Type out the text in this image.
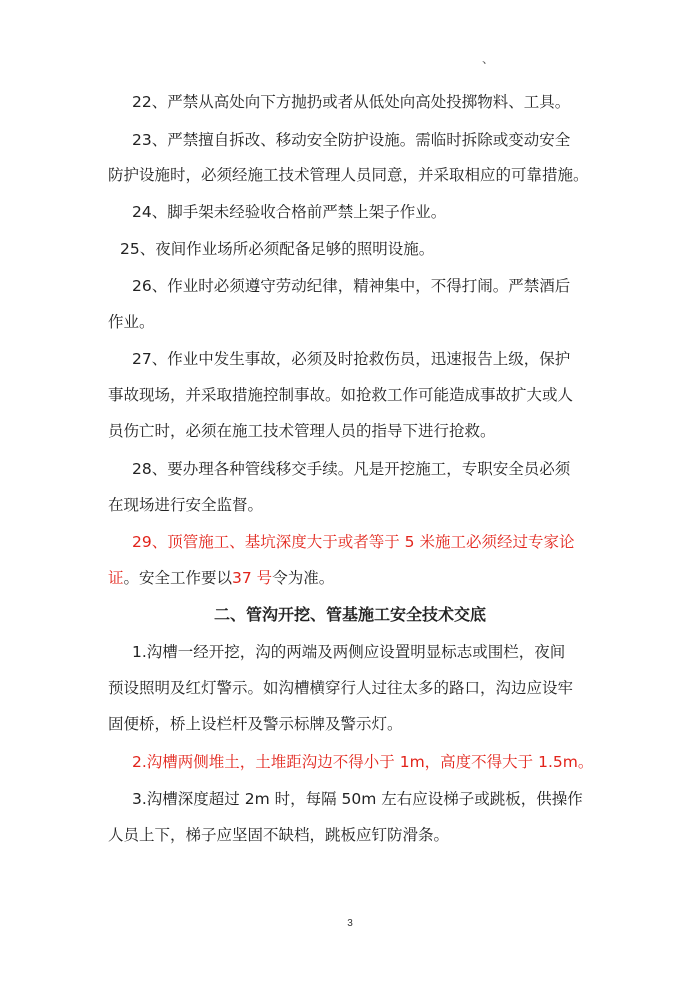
、
22、严禁从高处向下方抛扔或者从低处向高处投掷物料、工具。
23、严禁擅自拆改、移动安全防护设施。需临时拆除或变动安全
防护设施时，必须经施工技术管理人员同意，并采取相应的可靠措施。
24、脚手架未经验收合格前严禁上架子作业。
25、夜间作业场所必须配备足够的照明设施。
26、作业时必须遵守劳动纪律，精神集中，不得打闹。严禁酒后
作业。
27、作业中发生事故，必须及时抢救伤员，迅速报告上级，保护
事故现场，并采取措施控制事故。如抢救工作可能造成事故扩大或人
员伤亡时，必须在施工技术管理人员的指导下进行抢救。
28、要办理各种管线移交手续。凡是开挖施工，专职安全员必须
在现场进行安全监督。
29、顶管施工、基坑深度大于或者等于 5 米施工必须经过专家论
证。安全工作要以37 号令为准。
二、管沟开挖、管基施工安全技术交底
1.沟槽一经开挖，沟的两端及两侧应设置明显标志或围栏，夜间
预设照明及红灯警示。如沟槽横穿行人过往太多的路口，沟边应设牢
固便桥，桥上设栏杆及警示标牌及警示灯。
2.沟槽两侧堆土，土堆距沟边不得小于 1m，高度不得大于 1.5m。
3.沟槽深度超过 2m 时，每隔 50m 左右应设梯子或跳板，供操作
人员上下，梯子应坚固不缺档，跳板应钉防滑条。
3
